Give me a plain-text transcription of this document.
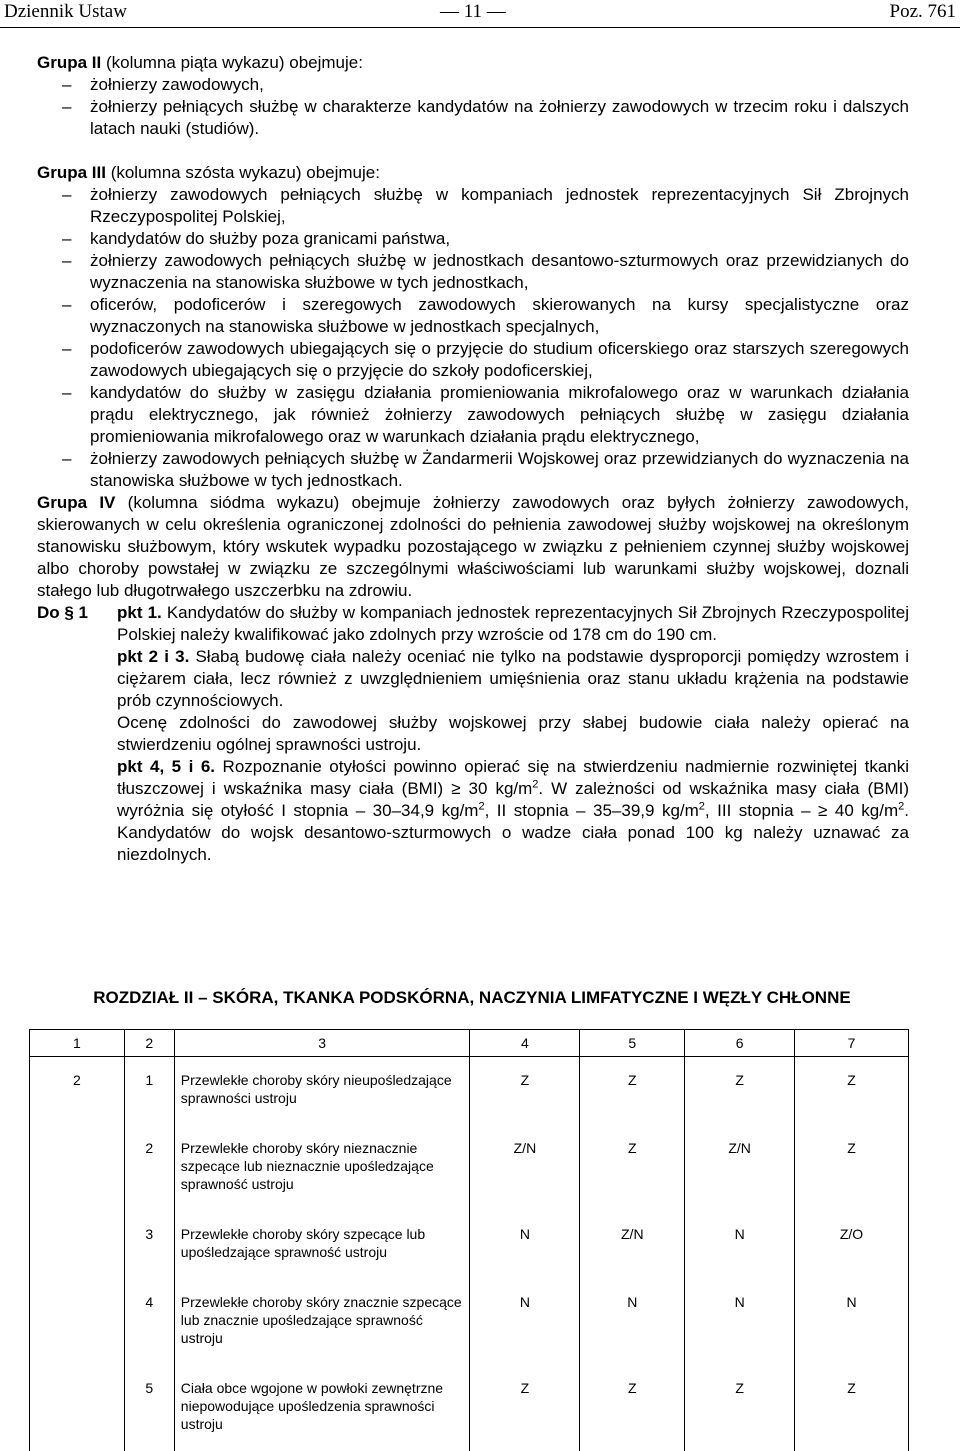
Dziennik Ustaw	— 11 —	Poz. 761

Grupa II (kolumna piąta wykazu) obejmuje:

– żołnierzy zawodowych,
– żołnierzy pełniących służbę w charakterze kandydatów na żołnierzy zawodowych w trzecim roku i dalszych latach nauki (studiów).

Grupa III (kolumna szósta wykazu) obejmuje:

– żołnierzy zawodowych pełniących służbę w kompaniach jednostek reprezentacyjnych Sił Zbrojnych Rzeczypospolitej Polskiej,
– kandydatów do służby poza granicami państwa,
– żołnierzy zawodowych pełniących służbę w jednostkach desantowo-szturmowych oraz przewidzianych do wyznaczenia na stanowiska służbowe w tych jednostkach,
– oficerów, podoficerów i szeregowych zawodowych skierowanych na kursy specjalistyczne oraz wyznaczonych na stanowiska służbowe w jednostkach specjalnych,
– podoficerów zawodowych ubiegających się o przyjęcie do studium oficerskiego oraz starszych szeregowych zawodowych ubiegających się o przyjęcie do szkoły podoficerskiej,
– kandydatów do służby w zasięgu działania promieniowania mikrofalowego oraz w warunkach działania prądu elektrycznego, jak również żołnierzy zawodowych pełniących służbę w zasięgu działania promieniowania mikrofalowego oraz w warunkach działania prądu elektrycznego,
– żołnierzy zawodowych pełniących służbę w Żandarmerii Wojskowej oraz przewidzianych do wyznaczenia na stanowiska służbowe w tych jednostkach.

Grupa IV (kolumna siódma wykazu) obejmuje żołnierzy zawodowych oraz byłych żołnierzy zawodowych, skierowanych w celu określenia ograniczonej zdolności do pełnienia zawodowej służby wojskowej na określonym stanowisku służbowym, który wskutek wypadku pozostającego w związku z pełnieniem czynnej służby wojskowej albo choroby powstałej w związku ze szczególnymi właściwościami lub warunkami służby wojskowej, doznali stałego lub długotrwałego uszczerbku na zdrowiu.

Do § 1	pkt 1. Kandydatów do służby w kompaniach jednostek reprezentacyjnych Sił Zbrojnych Rzeczypospolitej Polskiej należy kwalifikować jako zdolnych przy wzroście od 178 cm do 190 cm.

pkt 2 i 3. Słabą budowę ciała należy oceniać nie tylko na podstawie dysproporcji pomiędzy wzrostem i ciężarem ciała, lecz również z uwzględnieniem umięśnienia oraz stanu układu krążenia na podstawie prób czynnościowych.

Ocenę zdolności do zawodowej służby wojskowej przy słabej budowie ciała należy opierać na stwierdzeniu ogólnej sprawności ustroju.

pkt 4, 5 i 6. Rozpoznanie otyłości powinno opierać się na stwierdzeniu nadmiernie rozwiniętej tkanki tłuszczowej i wskaźnika masy ciała (BMI) ≥ 30 $kg/m^2$. W zależności od wskaźnika masy ciała (BMI) wyróżnia się otyłość I stopnia – 30–34,9 $kg/m^2$, II stopnia – 35–39,9 $kg/m^2$, III stopnia – ≥ 40 $kg/m^2$. Kandydatów do wojsk desantowo-szturmowych o wadze ciała ponad 100 kg należy uznawać za niezdolnych.

ROZDZIAŁ II – SKÓRA, TKANKA PODSKÓRNA, NACZYNIA LIMFATYCZNE I WĘZŁY CHŁONNE
1	2	3	4	5	6	7
2	1	Przewlekłe choroby skóry nieupośledzające sprawności ustroju	Z	Z	Z	Z
	2	Przewlekłe choroby skóry nieznacznie szpecące lub nieznacznie upośledzające sprawność ustroju	Z/N	Z	Z/N	Z
	3	Przewlekłe choroby skóry szpecące lub upośledzające sprawność ustroju	N	Z/N	N	Z/O
	4	Przewlekłe choroby skóry znacznie szpecące lub znacznie upośledzające sprawność ustroju	N	N	N	N
	5	Ciała obce wgojone w powłoki zewnętrzne niepowodujące upośledzenia sprawności ustroju	Z	Z	Z	Z
